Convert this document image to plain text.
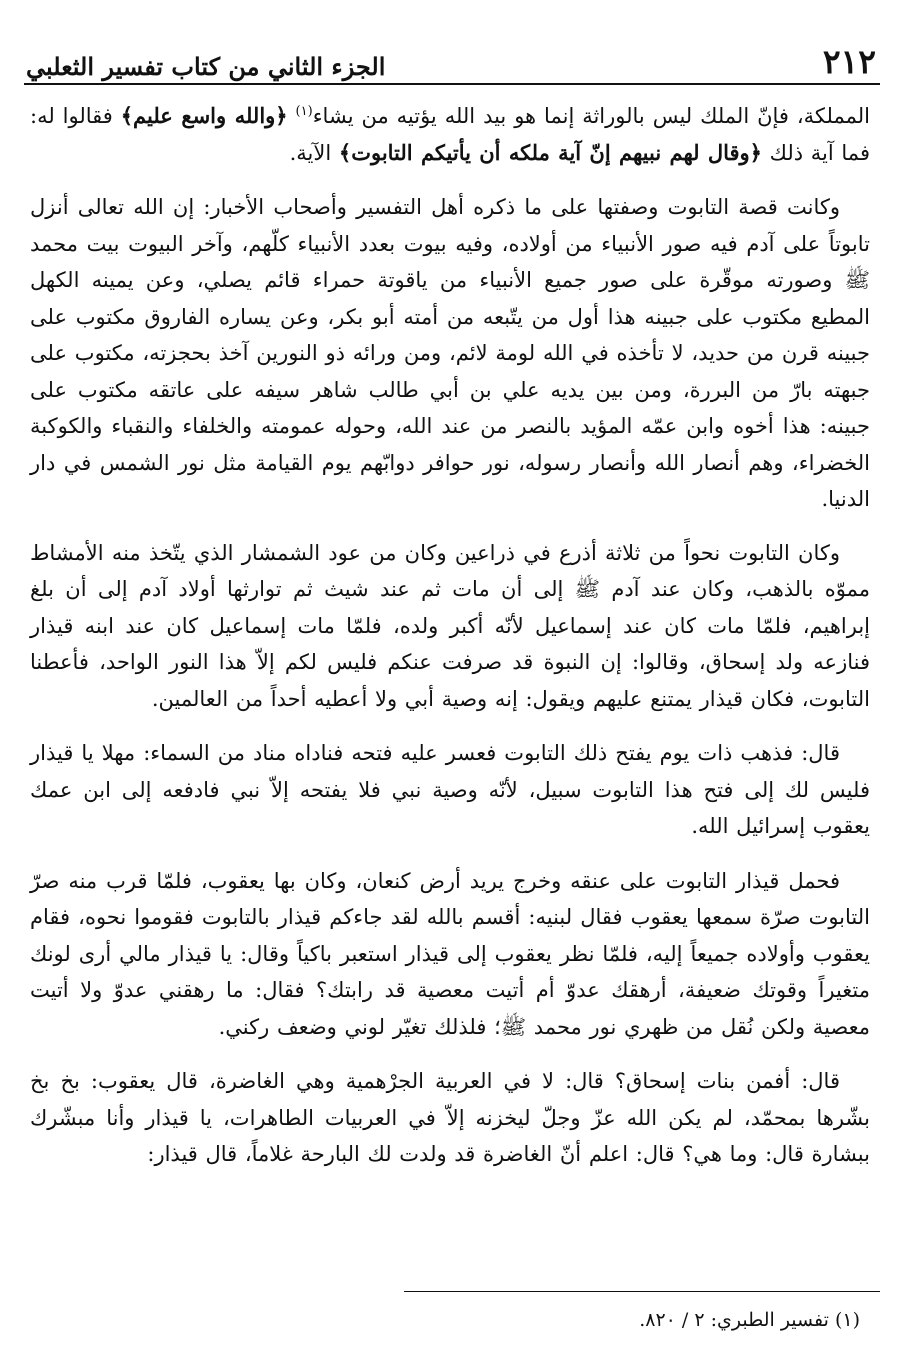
٢١٢
الجزء الثاني من كتاب تفسير الثعلبي

المملكة، فإنّ الملك ليس بالوراثة إنما هو بيد الله يؤتيه من يشاء$^{(١)}$ ﴿والله واسع عليم﴾ فقالوا له: فما آية ذلك ﴿وقال لهم نبيهم إنّ آية ملكه أن يأتيكم التابوت﴾ الآية.

وكانت قصة التابوت وصفتها على ما ذكره أهل التفسير وأصحاب الأخبار: إن الله تعالى أنزل تابوتاً على آدم فيه صور الأنبياء من أولاده، وفيه بيوت بعدد الأنبياء كلّهم، وآخر البيوت بيت محمد ﷺ وصورته موقّرة على صور جميع الأنبياء من ياقوتة حمراء قائم يصلي، وعن يمينه الكهل المطيع مكتوب على جبينه هذا أول من يتّبعه من أمته أبو بكر، وعن يساره الفاروق مكتوب على جبينه قرن من حديد، لا تأخذه في الله لومة لائم، ومن ورائه ذو النورين آخذ بحجزته، مكتوب على جبهته بارّ من البررة، ومن بين يديه علي بن أبي طالب شاهر سيفه على عاتقه مكتوب على جبينه: هذا أخوه وابن عمّه المؤيد بالنصر من عند الله، وحوله عمومته والخلفاء والنقباء والكوكبة الخضراء، وهم أنصار الله وأنصار رسوله، نور حوافر دوابّهم يوم القيامة مثل نور الشمس في دار الدنيا.

وكان التابوت نحواً من ثلاثة أذرع في ذراعين وكان من عود الشمشار الذي يتّخذ منه الأمشاط مموّه بالذهب، وكان عند آدم ﷺ إلى أن مات ثم عند شيث ثم توارثها أولاد آدم إلى أن بلغ إبراهيم، فلمّا مات كان عند إسماعيل لأنّه أكبر ولده، فلمّا مات إسماعيل كان عند ابنه قيذار فنازعه ولد إسحاق، وقالوا: إن النبوة قد صرفت عنكم فليس لكم إلاّ هذا النور الواحد، فأعطنا التابوت، فكان قيذار يمتنع عليهم ويقول: إنه وصية أبي ولا أعطيه أحداً من العالمين.

قال: فذهب ذات يوم يفتح ذلك التابوت فعسر عليه فتحه فناداه مناد من السماء: مهلا يا قيذار فليس لك إلى فتح هذا التابوت سبيل، لأنّه وصية نبي فلا يفتحه إلاّ نبي فادفعه إلى ابن عمك يعقوب إسرائيل الله.

فحمل قيذار التابوت على عنقه وخرج يريد أرض كنعان، وكان بها يعقوب، فلمّا قرب منه صرّ التابوت صرّة سمعها يعقوب فقال لبنيه: أقسم بالله لقد جاءكم قيذار بالتابوت فقوموا نحوه، فقام يعقوب وأولاده جميعاً إليه، فلمّا نظر يعقوب إلى قيذار استعبر باكياً وقال: يا قيذار مالي أرى لونك متغيراً وقوتك ضعيفة، أرهقك عدوّ أم أتيت معصية قد رابتك؟ فقال: ما رهقني عدوّ ولا أتيت معصية ولكن نُقل من ظهري نور محمد ﷺ؛ فلذلك تغيّر لوني وضعف ركني.

قال: أفمن بنات إسحاق؟ قال: لا في العربية الجرْهمية وهي الغاضرة، قال يعقوب: بخ بخ بشّرها بمحمّد، لم يكن الله عزّ وجلّ ليخزنه إلاّ في العربيات الطاهرات، يا قيذار وأنا مبشّرك ببشارة قال: وما هي؟ قال: اعلم أنّ الغاضرة قد ولدت لك البارحة غلاماً، قال قيذار:

(١) تفسير الطبري: ٢ / ٨٢٠.
